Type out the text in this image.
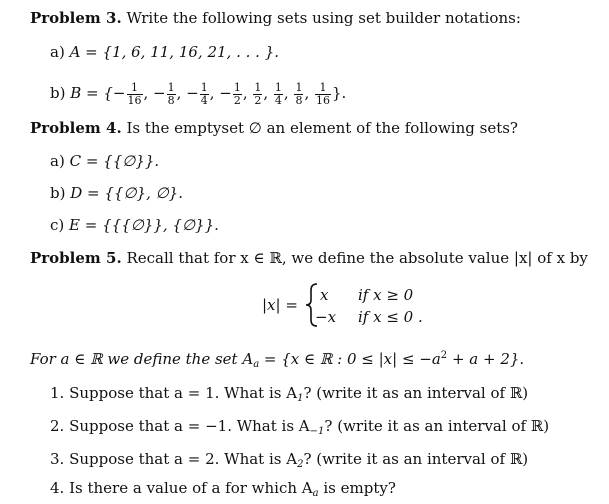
Problem 3. Write the following sets using set builder notations:
a) A = {1, 6, 11, 16, 21, . . . }.
b) B = {− $\frac{1}{16}$ , − $\frac{1}{8}$ , − $\frac{1}{4}$ , − $\frac{1}{2}$ , $\frac{1}{2}$ , $\frac{1}{4}$ , $\frac{1}{8}$ , $\frac{1}{16}$ }.
Problem 4. Is the emptyset ∅ an element of the following sets?
a) C = {{∅}}.
b) D = {{∅}, ∅}.
c) E = {{{∅}}, {∅}}.
Problem 5. Recall that for x ∈ ℝ, we define the absolute value |x| of x by
|x| =
x if x ≥ 0
−x if x ≤ 0 .
For a ∈ ℝ we define the set $A_a = \{x$ ∈ ℝ : $0 \le |x| \le -a^2 + a + 2$}.
1. Suppose that a = 1. What is $A_1$? (write it as an interval of ℝ)
2. Suppose that a = −1. What is $A_{-1}$? (write it as an interval of ℝ)
3. Suppose that a = 2. What is $A_2$? (write it as an interval of ℝ)
4. Is there a value of a for which $A_a$ is empty?
